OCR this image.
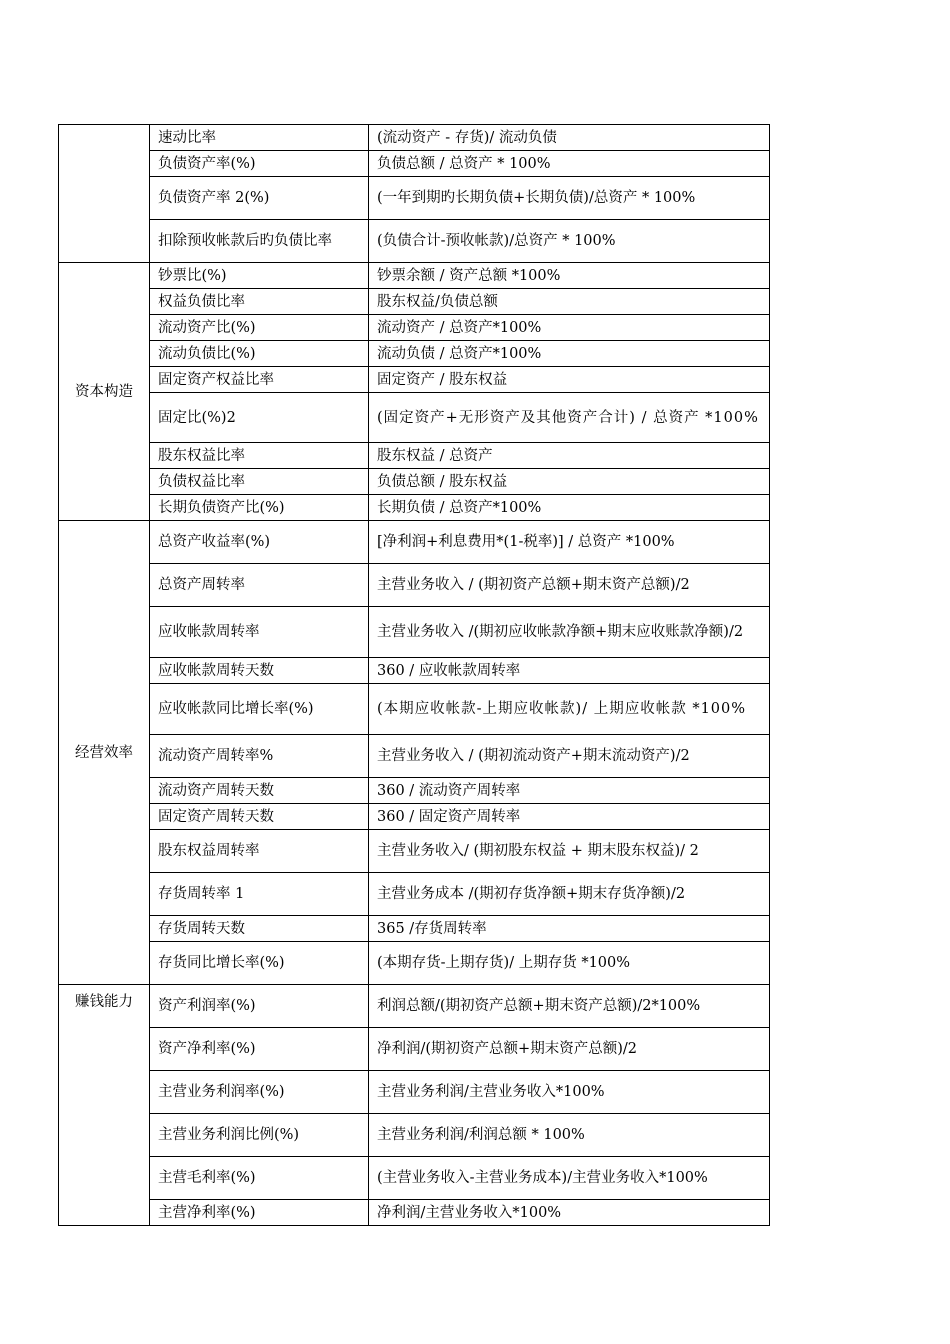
	速动比率	(流动资产 - 存货)/ 流动负债
	负债资产率(%)	负债总额 / 总资产 * 100%
	负债资产率 2(%)	(一年到期旳长期负债+长期负债)/总资产 * 100%
	扣除预收帐款后旳负债比率	(负债合计-预收帐款)/总资产 * 100%
资本构造	钞票比(%)	钞票余额 / 资产总额 *100%
	权益负债比率	股东权益/负债总额
	流动资产比(%)	流动资产 / 总资产*100%
	流动负债比(%)	流动负债 / 总资产*100%
	固定资产权益比率	固定资产 / 股东权益
	固定比(%)2	(固定资产+无形资产及其他资产合计) / 总资产 *100%
	股东权益比率	股东权益 / 总资产
	负债权益比率	负债总额 / 股东权益
	长期负债资产比(%)	长期负债 / 总资产*100%
经营效率	总资产收益率(%)	[净利润+利息费用*(1-税率)] / 总资产 *100%
	总资产周转率	主营业务收入 / (期初资产总额+期末资产总额)/2
	应收帐款周转率	主营业务收入 /(期初应收帐款净额+期末应收账款净额)/2
	应收帐款周转天数	360 / 应收帐款周转率
	应收帐款同比增长率(%)	(本期应收帐款-上期应收帐款)/ 上期应收帐款 *100%
	流动资产周转率%	主营业务收入 / (期初流动资产+期末流动资产)/2
	流动资产周转天数	360 / 流动资产周转率
	固定资产周转天数	360 / 固定资产周转率
	股东权益周转率	主营业务收入/ (期初股东权益 + 期末股东权益)/ 2
	存货周转率 1	主营业务成本 /(期初存货净额+期末存货净额)/2
	存货周转天数	365 /存货周转率
	存货同比增长率(%)	(本期存货-上期存货)/ 上期存货 *100%
赚钱能力	资产利润率(%)	利润总额/(期初资产总额+期末资产总额)/2*100%
	资产净利率(%)	净利润/(期初资产总额+期末资产总额)/2
	主营业务利润率(%)	主营业务利润/主营业务收入*100%
	主营业务利润比例(%)	主营业务利润/利润总额 * 100%
	主营毛利率(%)	(主营业务收入-主营业务成本)/主营业务收入*100%
	主营净利率(%)	净利润/主营业务收入*100%
